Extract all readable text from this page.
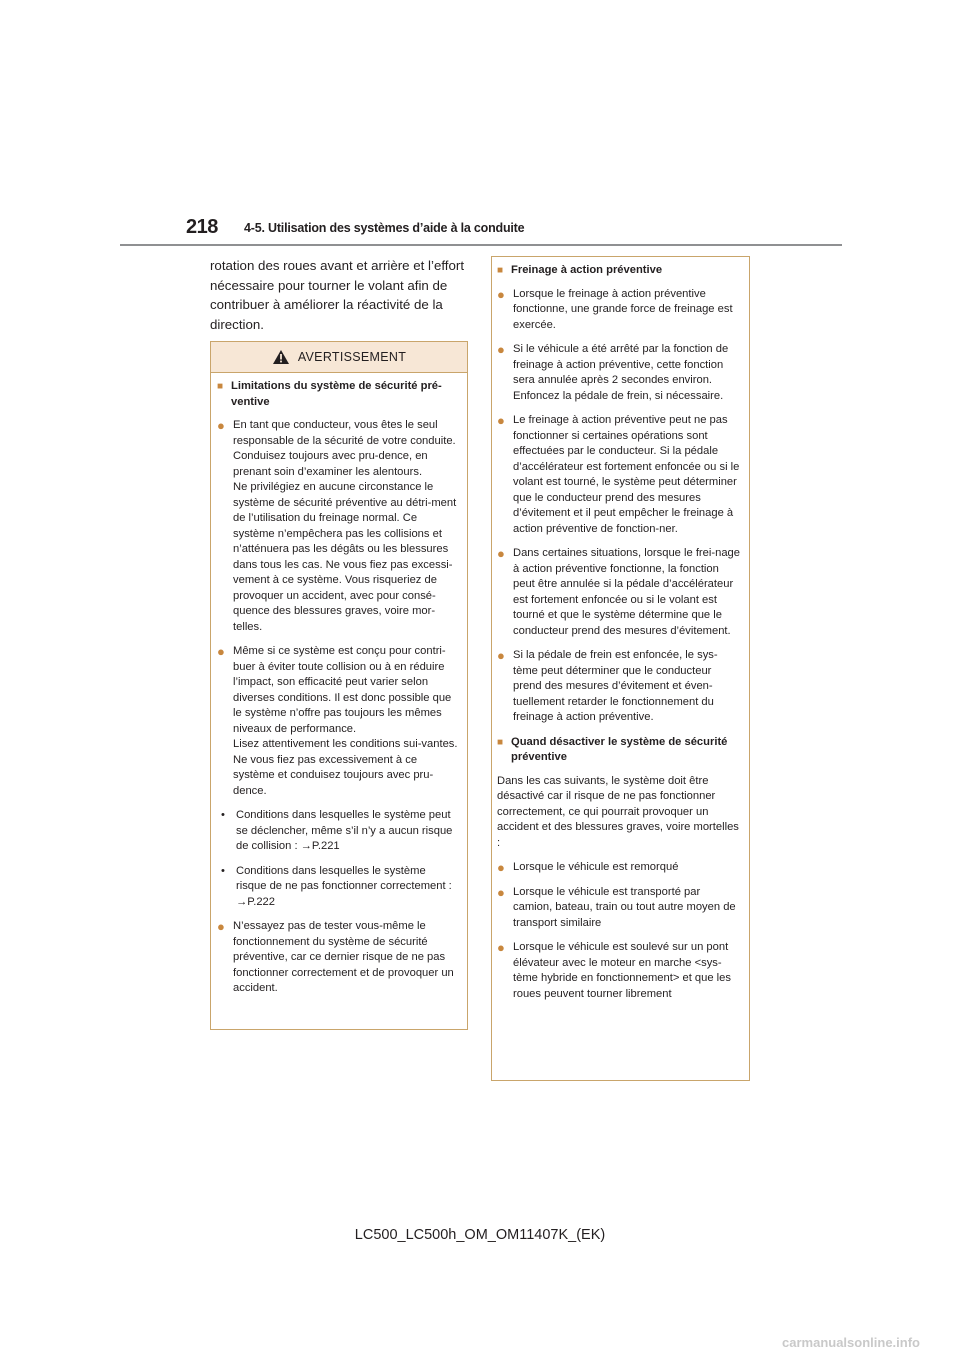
218 4-5. Utilisation des systèmes d’aide à la conduite
rotation des roues avant et arrière et l’effort nécessaire pour tourner le volant afin de contribuer à améliorer la réactivité de la direction.
AVERTISSEMENT
■ Limitations du système de sécurité pré-ventive
● En tant que conducteur, vous êtes le seul responsable de la sécurité de votre conduite. Conduisez toujours avec pru-dence, en prenant soin d’examiner les alentours.

Ne privilégiez en aucune circonstance le système de sécurité préventive au détri-ment de l’utilisation du freinage normal. Ce système n’empêchera pas les collisions et n’atténuera pas les dégâts ou les blessures dans tous les cas. Ne vous fiez pas excessi-vement à ce système. Vous risqueriez de provoquer un accident, avec pour consé-quence des blessures graves, voire mor-telles.

● Même si ce système est conçu pour contri-buer à éviter toute collision ou à en réduire l’impact, son efficacité peut varier selon diverses conditions. Il est donc possible que le système n’offre pas toujours les mêmes niveaux de performance.

Lisez attentivement les conditions sui-vantes. Ne vous fiez pas excessivement à ce système et conduisez toujours avec pru-dence.

• Conditions dans lesquelles le système peut se déclencher, même s’il n’y a aucun risque de collision : →P.221
• Conditions dans lesquelles le système risque de ne pas fonctionner correctement : →P.222
● N’essayez pas de tester vous-même le fonctionnement du système de sécurité préventive, car ce dernier risque de ne pas fonctionner correctement et de provoquer un accident.
■ Freinage à action préventive
● Lorsque le freinage à action préventive fonctionne, une grande force de freinage est exercée.
● Si le véhicule a été arrêté par la fonction de freinage à action préventive, cette fonction sera annulée après 2 secondes environ. Enfoncez la pédale de frein, si nécessaire.
● Le freinage à action préventive peut ne pas fonctionner si certaines opérations sont effectuées par le conducteur. Si la pédale d’accélérateur est fortement enfoncée ou si le volant est tourné, le système peut déterminer que le conducteur prend des mesures d’évitement et il peut empêcher le freinage à action préventive de fonction-ner.
● Dans certaines situations, lorsque le frei-nage à action préventive fonctionne, la fonction peut être annulée si la pédale d’accélérateur est fortement enfoncée ou si le volant est tourné et que le système détermine que le conducteur prend des mesures d’évitement.
● Si la pédale de frein est enfoncée, le sys-tème peut déterminer que le conducteur prend des mesures d’évitement et éven-tuellement retarder le fonctionnement du freinage à action préventive.
■ Quand désactiver le système de sécurité préventive
Dans les cas suivants, le système doit être désactivé car il risque de ne pas fonctionner correctement, ce qui pourrait provoquer un accident et des blessures graves, voire mortelles :
● Lorsque le véhicule est remorqué
● Lorsque le véhicule est transporté par camion, bateau, train ou tout autre moyen de transport similaire
● Lorsque le véhicule est soulevé sur un pont élévateur avec le moteur en marche <sys-tème hybride en fonctionnement> et que les roues peuvent tourner librement
LC500_LC500h_OM_OM11407K_(EK)
carmanualsonline.info
